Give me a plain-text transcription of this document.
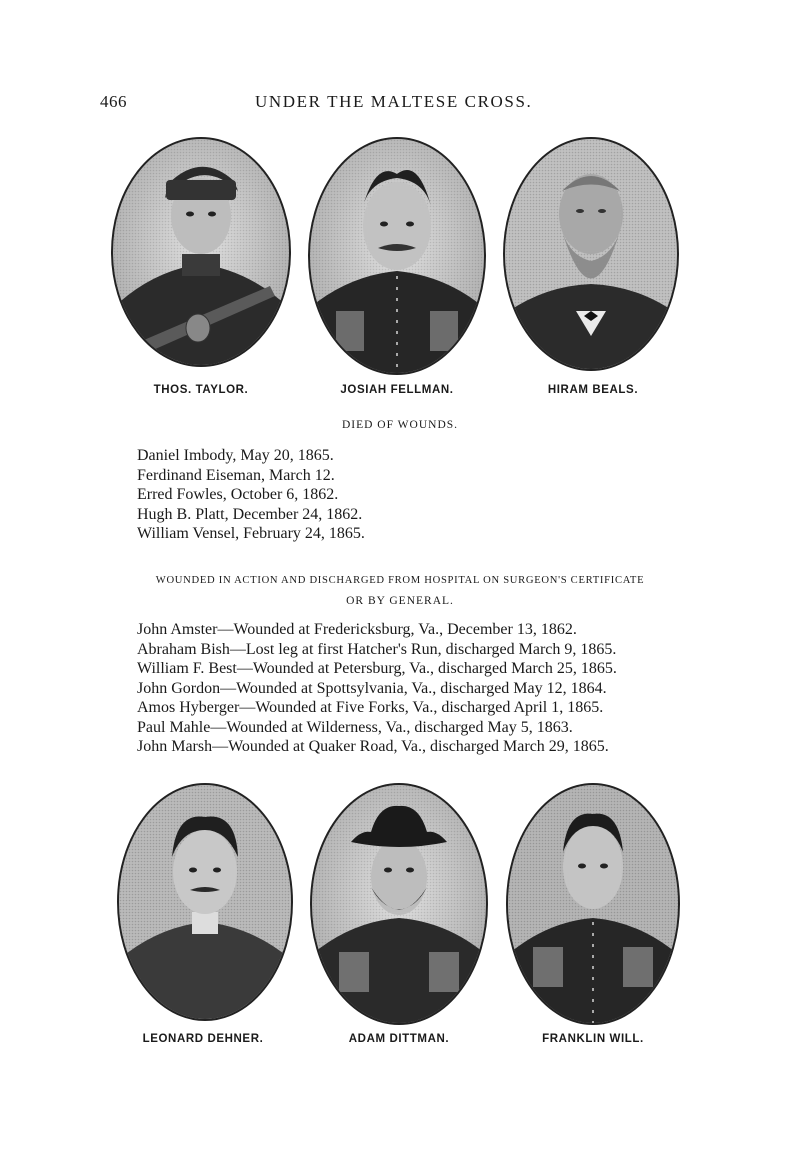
466	UNDER THE MALTESE CROSS.
THOS. TAYLOR.	JOSIAH FELLMAN.	HIRAM BEALS.
DIED OF WOUNDS.
Daniel Imbody, May 20, 1865.
Ferdinand Eiseman, March 12.
Erred Fowles, October 6, 1862.
Hugh B. Platt, December 24, 1862.
William Vensel, February 24, 1865.
WOUNDED IN ACTION AND DISCHARGED FROM HOSPITAL ON SURGEON'S CERTIFICATE
OR BY GENERAL.
John Amster—Wounded at Fredericksburg, Va., December 13, 1862.
Abraham Bish—Lost leg at first Hatcher's Run, discharged March 9, 1865.
William F. Best—Wounded at Petersburg, Va., discharged March 25, 1865.
John Gordon—Wounded at Spottsylvania, Va., discharged May 12, 1864.
Amos Hyberger—Wounded at Five Forks, Va., discharged April 1, 1865.
Paul Mahle—Wounded at Wilderness, Va., discharged May 5, 1863.
John Marsh—Wounded at Quaker Road, Va., discharged March 29, 1865.
LEONARD DEHNER.	ADAM DITTMAN.	FRANKLIN WILL.
